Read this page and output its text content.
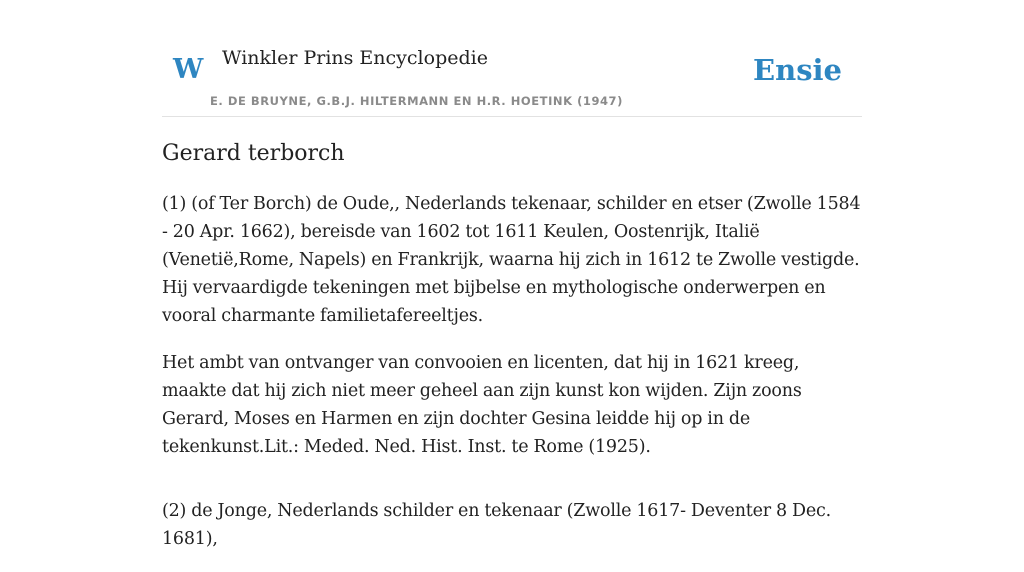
W Winkler Prins Encyclopedie
E. DE BRUYNE, G.B.J. HILTERMANN EN H.R. HOETINK (1947)
Ensie
Gerard terborch

(1) (of Ter Borch) de Oude,, Nederlands tekenaar, schilder en etser (Zwolle 1584 - 20 Apr. 1662), bereisde van 1602 tot 1611 Keulen, Oostenrijk, Italië (Venetië,Rome, Napels) en Frankrijk, waarna hij zich in 1612 te Zwolle vestigde. Hij vervaardigde tekeningen met bijbelse en mythologische onderwerpen en vooral charmante familietafereeltjes.

Het ambt van ontvanger van convooien en licenten, dat hij in 1621 kreeg, maakte dat hij zich niet meer geheel aan zijn kunst kon wijden. Zijn zoons Gerard, Moses en Harmen en zijn dochter Gesina leidde hij op in de tekenkunst.Lit.: Meded. Ned. Hist. Inst. te Rome (1925).

(2) de Jonge, Nederlands schilder en tekenaar (Zwolle 1617- Deventer 8 Dec. 1681),
